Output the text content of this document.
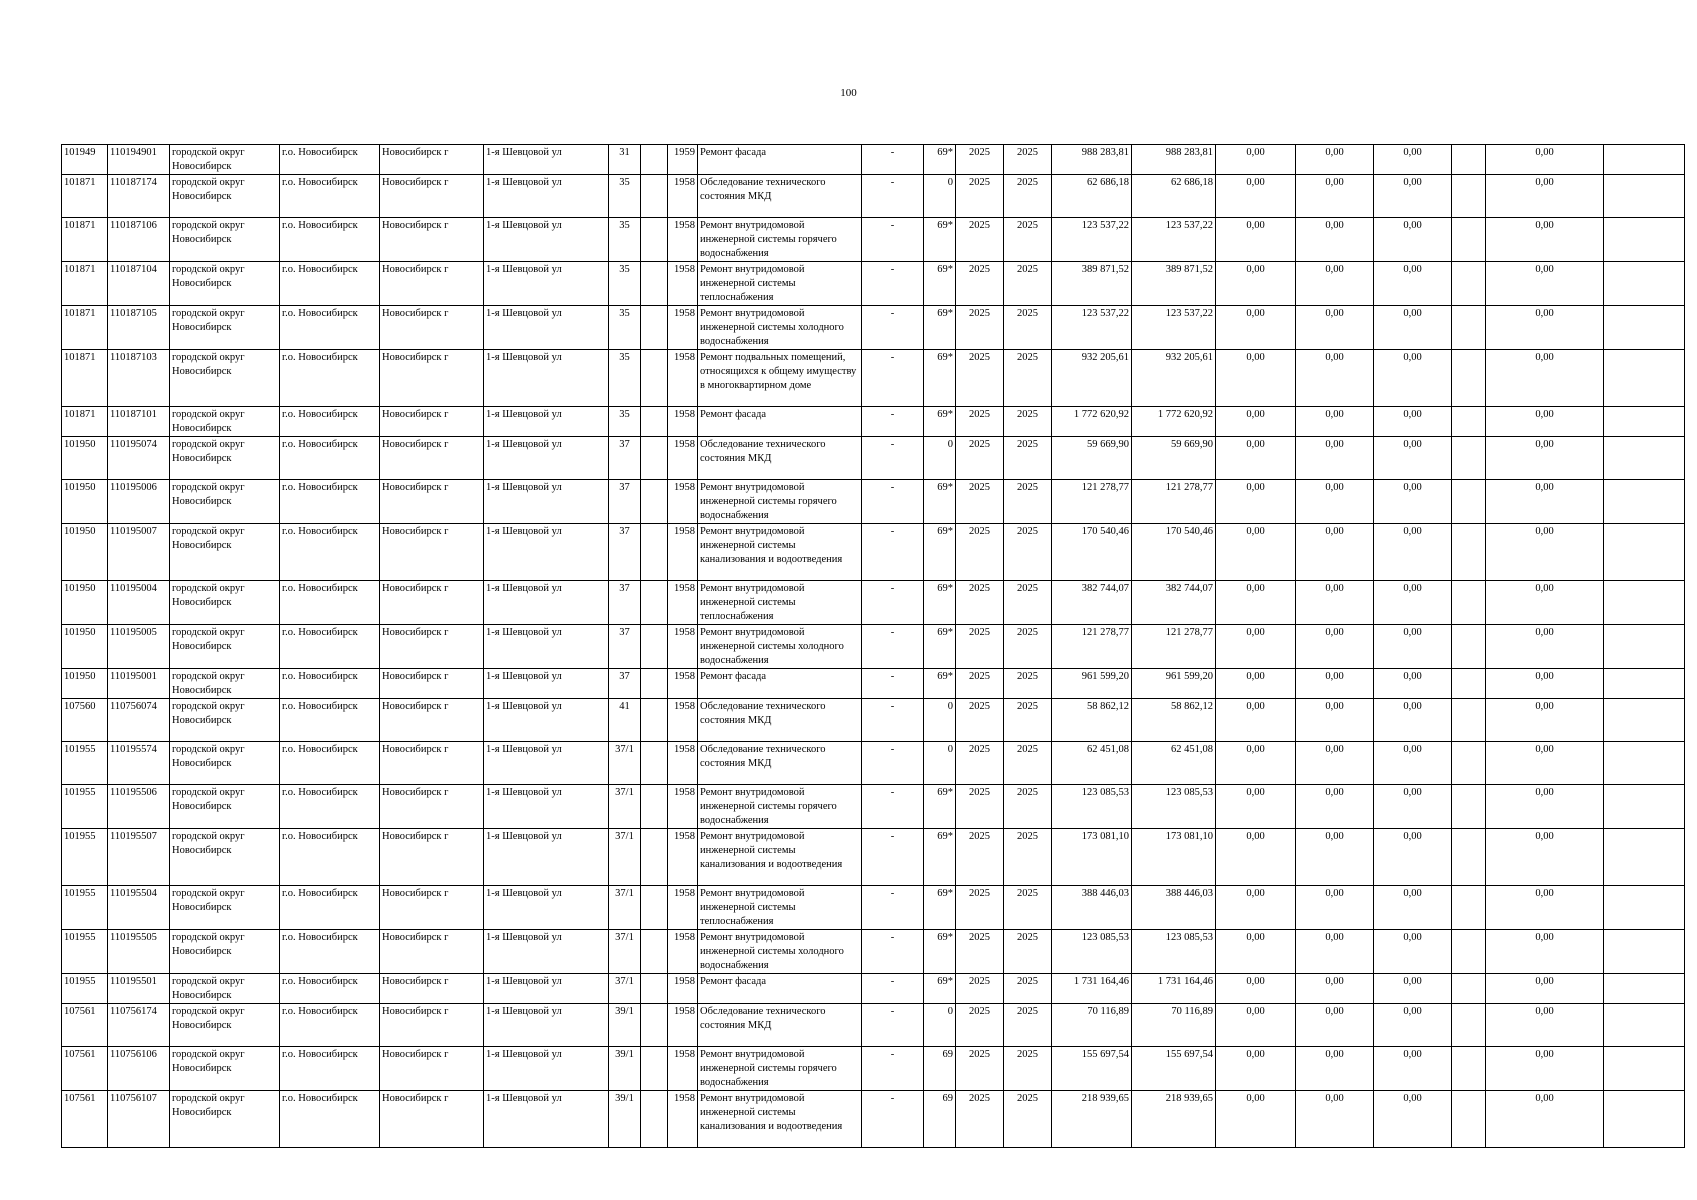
100
101949	110194901	городской округ Новосибирск	г.о. Новосибирск	Новосибирск г	1-я Шевцовой ул	31		1959	Ремонт фасада	-	69*	2025	2025	988 283,81	988 283,81	0,00	0,00	0,00		0,00	
101871	110187174	городской округ Новосибирск	г.о. Новосибирск	Новосибирск г	1-я Шевцовой ул	35		1958	Обследование технического состояния МКД	-	0	2025	2025	62 686,18	62 686,18	0,00	0,00	0,00		0,00	
101871	110187106	городской округ Новосибирск	г.о. Новосибирск	Новосибирск г	1-я Шевцовой ул	35		1958	Ремонт внутридомовой инженерной системы горячего водоснабжения	-	69*	2025	2025	123 537,22	123 537,22	0,00	0,00	0,00		0,00	
101871	110187104	городской округ Новосибирск	г.о. Новосибирск	Новосибирск г	1-я Шевцовой ул	35		1958	Ремонт внутридомовой инженерной системы теплоснабжения	-	69*	2025	2025	389 871,52	389 871,52	0,00	0,00	0,00		0,00	
101871	110187105	городской округ Новосибирск	г.о. Новосибирск	Новосибирск г	1-я Шевцовой ул	35		1958	Ремонт внутридомовой инженерной системы холодного водоснабжения	-	69*	2025	2025	123 537,22	123 537,22	0,00	0,00	0,00		0,00	
101871	110187103	городской округ Новосибирск	г.о. Новосибирск	Новосибирск г	1-я Шевцовой ул	35		1958	Ремонт подвальных помещений, относящихся к общему имуществу в многоквартирном доме	-	69*	2025	2025	932 205,61	932 205,61	0,00	0,00	0,00		0,00	
101871	110187101	городской округ Новосибирск	г.о. Новосибирск	Новосибирск г	1-я Шевцовой ул	35		1958	Ремонт фасада	-	69*	2025	2025	1 772 620,92	1 772 620,92	0,00	0,00	0,00		0,00	
101950	110195074	городской округ Новосибирск	г.о. Новосибирск	Новосибирск г	1-я Шевцовой ул	37		1958	Обследование технического состояния МКД	-	0	2025	2025	59 669,90	59 669,90	0,00	0,00	0,00		0,00	
101950	110195006	городской округ Новосибирск	г.о. Новосибирск	Новосибирск г	1-я Шевцовой ул	37		1958	Ремонт внутридомовой инженерной системы горячего водоснабжения	-	69*	2025	2025	121 278,77	121 278,77	0,00	0,00	0,00		0,00	
101950	110195007	городской округ Новосибирск	г.о. Новосибирск	Новосибирск г	1-я Шевцовой ул	37		1958	Ремонт внутридомовой инженерной системы канализования и водоотведения	-	69*	2025	2025	170 540,46	170 540,46	0,00	0,00	0,00		0,00	
101950	110195004	городской округ Новосибирск	г.о. Новосибирск	Новосибирск г	1-я Шевцовой ул	37		1958	Ремонт внутридомовой инженерной системы теплоснабжения	-	69*	2025	2025	382 744,07	382 744,07	0,00	0,00	0,00		0,00	
101950	110195005	городской округ Новосибирск	г.о. Новосибирск	Новосибирск г	1-я Шевцовой ул	37		1958	Ремонт внутридомовой инженерной системы холодного водоснабжения	-	69*	2025	2025	121 278,77	121 278,77	0,00	0,00	0,00		0,00	
101950	110195001	городской округ Новосибирск	г.о. Новосибирск	Новосибирск г	1-я Шевцовой ул	37		1958	Ремонт фасада	-	69*	2025	2025	961 599,20	961 599,20	0,00	0,00	0,00		0,00	
107560	110756074	городской округ Новосибирск	г.о. Новосибирск	Новосибирск г	1-я Шевцовой ул	41		1958	Обследование технического состояния МКД	-	0	2025	2025	58 862,12	58 862,12	0,00	0,00	0,00		0,00	
101955	110195574	городской округ Новосибирск	г.о. Новосибирск	Новосибирск г	1-я Шевцовой ул	37/1		1958	Обследование технического состояния МКД	-	0	2025	2025	62 451,08	62 451,08	0,00	0,00	0,00		0,00	
101955	110195506	городской округ Новосибирск	г.о. Новосибирск	Новосибирск г	1-я Шевцовой ул	37/1		1958	Ремонт внутридомовой инженерной системы горячего водоснабжения	-	69*	2025	2025	123 085,53	123 085,53	0,00	0,00	0,00		0,00	
101955	110195507	городской округ Новосибирск	г.о. Новосибирск	Новосибирск г	1-я Шевцовой ул	37/1		1958	Ремонт внутридомовой инженерной системы канализования и водоотведения	-	69*	2025	2025	173 081,10	173 081,10	0,00	0,00	0,00		0,00	
101955	110195504	городской округ Новосибирск	г.о. Новосибирск	Новосибирск г	1-я Шевцовой ул	37/1		1958	Ремонт внутридомовой инженерной системы теплоснабжения	-	69*	2025	2025	388 446,03	388 446,03	0,00	0,00	0,00		0,00	
101955	110195505	городской округ Новосибирск	г.о. Новосибирск	Новосибирск г	1-я Шевцовой ул	37/1		1958	Ремонт внутридомовой инженерной системы холодного водоснабжения	-	69*	2025	2025	123 085,53	123 085,53	0,00	0,00	0,00		0,00	
101955	110195501	городской округ Новосибирск	г.о. Новосибирск	Новосибирск г	1-я Шевцовой ул	37/1		1958	Ремонт фасада	-	69*	2025	2025	1 731 164,46	1 731 164,46	0,00	0,00	0,00		0,00	
107561	110756174	городской округ Новосибирск	г.о. Новосибирск	Новосибирск г	1-я Шевцовой ул	39/1		1958	Обследование технического состояния МКД	-	0	2025	2025	70 116,89	70 116,89	0,00	0,00	0,00		0,00	
107561	110756106	городской округ Новосибирск	г.о. Новосибирск	Новосибирск г	1-я Шевцовой ул	39/1		1958	Ремонт внутридомовой инженерной системы горячего водоснабжения	-	69	2025	2025	155 697,54	155 697,54	0,00	0,00	0,00		0,00	
107561	110756107	городской округ Новосибирск	г.о. Новосибирск	Новосибирск г	1-я Шевцовой ул	39/1		1958	Ремонт внутридомовой инженерной системы канализования и водоотведения	-	69	2025	2025	218 939,65	218 939,65	0,00	0,00	0,00		0,00	
